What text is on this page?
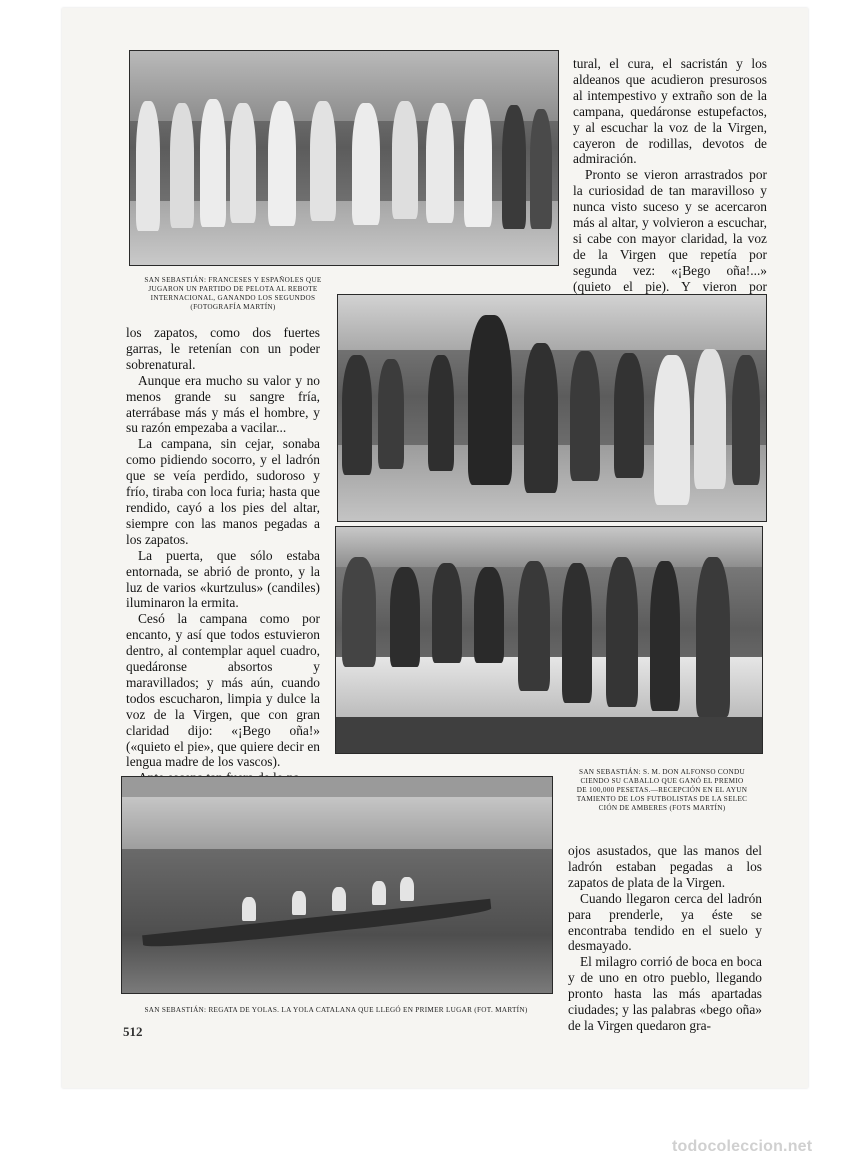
SAN SEBASTIÁN: FRANCESES Y ESPAÑOLES QUE
JUGARON UN PARTIDO DE PELOTA AL REBOTE
INTERNACIONAL, GANANDO LOS SEGUNDOS
(FOTOGRAFÍA MARTÍN)

tural, el cura, el sacristán y los aldeanos que acudieron presurosos al intempestivo y extraño son de la campana, quedáronse estupefactos, y al escuchar la voz de la Virgen, cayeron de rodillas, devotos de admiración.

Pronto se vieron arrastrados por la curiosidad de tan maravilloso y nunca visto suceso y se acercaron más al altar, y volvieron a escuchar, si cabe con mayor claridad, la voz de la Virgen que repetía por segunda vez: «¡Bego oña!...» (quieto el pie). Y vieron por

los zapatos, como dos fuertes garras, le retenían con un poder sobrenatural.

Aunque era mucho su valor y no menos grande su sangre fría, aterrábase más y más el hombre, y su razón empezaba a vacilar...

La campana, sin cejar, sonaba como pidiendo socorro, y el ladrón que se veía perdido, sudoroso y frío, tiraba con loca furia; hasta que rendido, cayó a los pies del altar, siempre con las manos pegadas a los zapatos.

La puerta, que sólo estaba entornada, se abrió de pronto, y la luz de varios «kurtzulus» (candiles) iluminaron la ermita.

Cesó la campana como por encanto, y así que todos estuvieron dentro, al contemplar aquel cuadro, quedáronse absortos y maravillados; y más aún, cuando todos escucharon, limpia y dulce la voz de la Virgen, que con gran claridad dijo: «¡Bego oña!» («quieto el pie», que quiere decir en lengua madre de los vascos).

SAN SEBASTIÁN: S. M. DON ALFONSO CONDU
CIENDO SU CABALLO QUE GANÓ EL PREMIO
DE 100,000 PESETAS.—RECEPCIÓN EN EL AYUN
TAMIENTO DE LOS FUTBOLISTAS DE LA SELEC
CIÓN DE AMBERES (FOTS MARTÍN)
SAN SEBASTIÁN: REGATA DE YOLAS. LA YOLA CATALANA QUE LLEGÓ EN PRIMER LUGAR (FOT. MARTÍN)

ojos asustados, que las manos del ladrón estaban pegadas a los zapatos de plata de la Virgen.

Cuando llegaron cerca del ladrón para prenderle, ya éste se encontraba tendido en el suelo y desmayado.

El milagro corrió de boca en boca y de uno en otro pueblo, llegando pronto hasta las más apartadas ciudades; y las palabras «bego oña» de la Virgen quedaron gra-

512
todocoleccion.net
